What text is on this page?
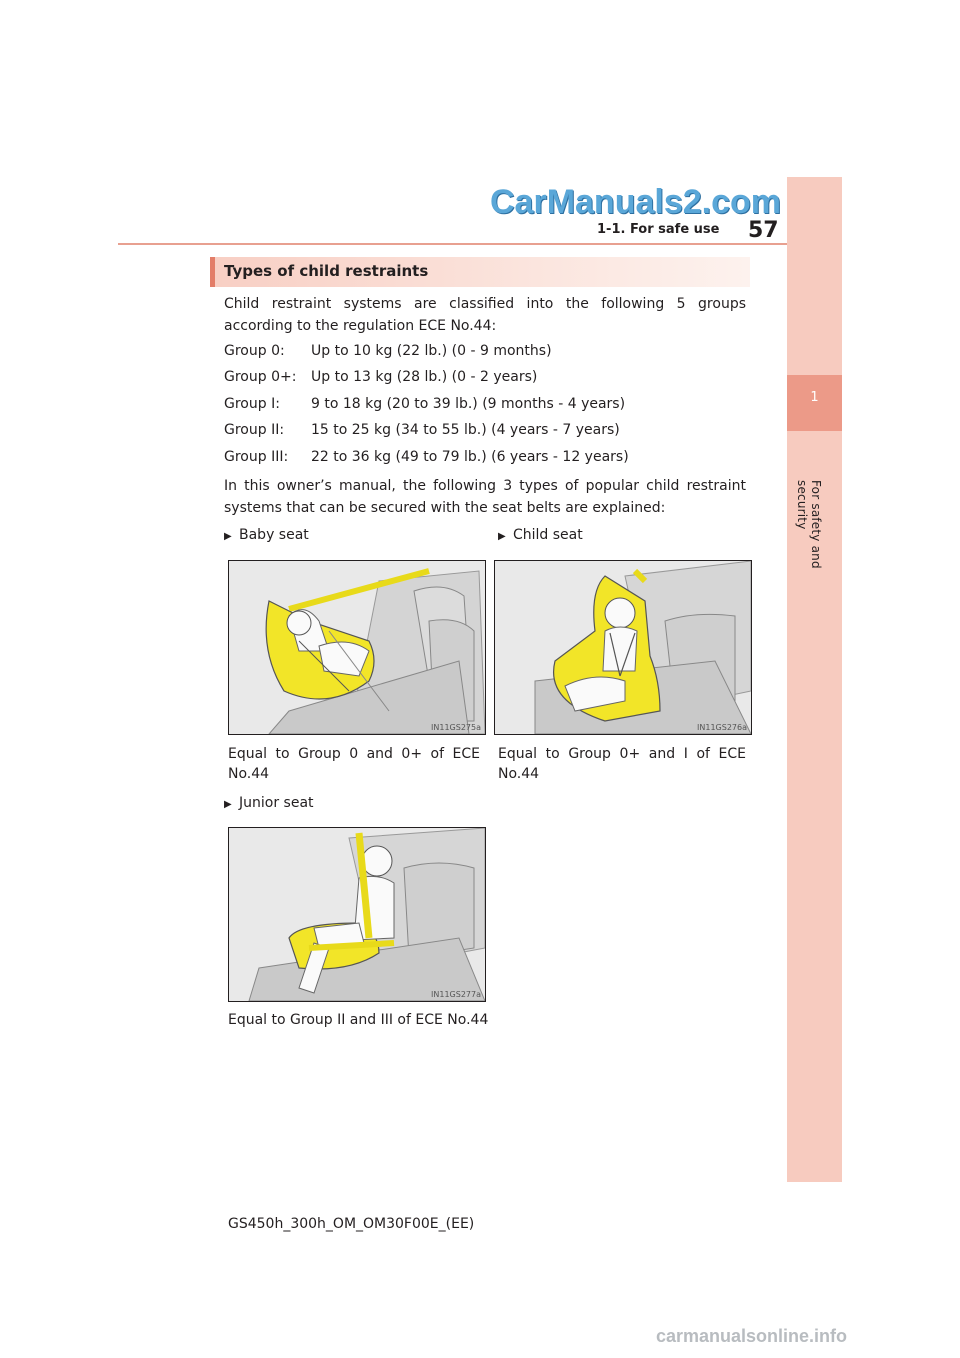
1
For safety and security
CarManuals2.com
1-1. For safe use 57
Types of child restraints
Child restraint systems are classified into the following 5 groups according to the regulation ECE No.44:
Group 0: Up to 10 kg (22 lb.) (0 - 9 months)
Group 0+: Up to 13 kg (28 lb.) (0 - 2 years)
Group I: 9 to 18 kg (20 to 39 lb.) (9 months - 4 years)
Group II: 15 to 25 kg (34 to 55 lb.) (4 years - 7 years)
Group III: 22 to 36 kg (49 to 79 lb.) (6 years - 12 years)
In this owner’s manual, the following 3 types of popular child restraint systems that can be secured with the seat belts are explained:
▶ Baby seat
IN11GS275a
Equal to Group 0 and 0+ of ECE No.44
▶ Child seat
IN11GS276a
Equal to Group 0+ and I of ECE No.44
▶ Junior seat
IN11GS277a
Equal to Group II and III of ECE No.44
GS450h_300h_OM_OM30F00E_(EE)
carmanualsonline.info
